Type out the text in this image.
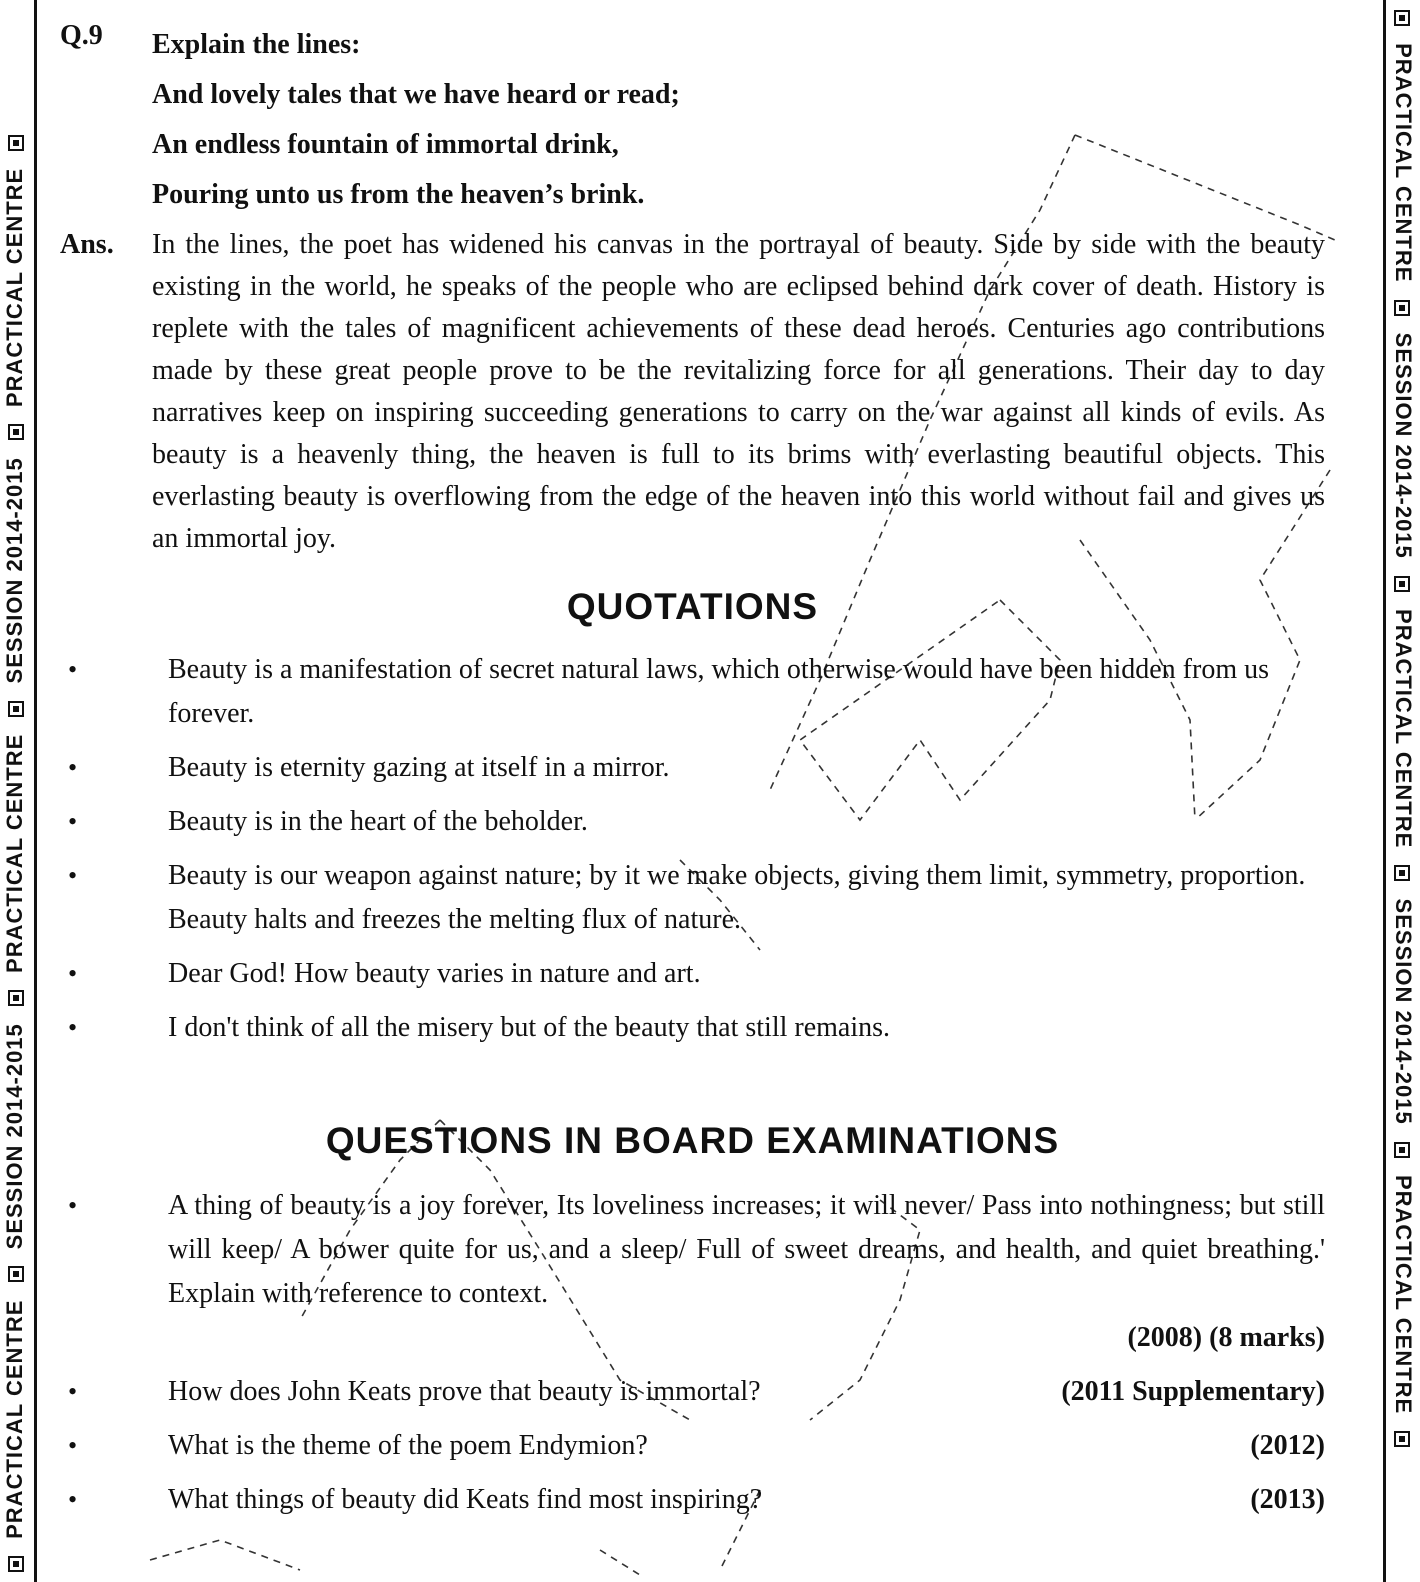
PRACTICAL CENTRE  SESSION 2014-2015  PRACTICAL CENTRE  SESSION 2014-2015  PRACTICAL CENTRE
PRACTICAL CENTRE  SESSION 2014-2015  PRACTICAL CENTRE  SESSION 2014-2015  PRACTICAL CENTRE
Q.9	Explain the lines:
And lovely tales that we have heard or read;
An endless fountain of immortal drink,
Pouring unto us from the heaven’s brink.
Ans.	In the lines, the poet has widened his canvas in the portrayal of beauty. Side by side with the beauty existing in the world, he speaks of the people who are eclipsed behind dark cover of death. History is replete with the tales of magnificent achievements of these dead heroes. Centuries ago contributions made by these great people prove to be the revitalizing force for all generations. Their day to day narratives keep on inspiring succeeding generations to carry on the war against all kinds of evils. As beauty is a heavenly thing, the heaven is full to its brims with everlasting beautiful objects. This everlasting beauty is overflowing from the edge of the heaven into this world without fail and gives us an immortal joy.
QUOTATIONS
•	Beauty is a manifestation of secret natural laws, which otherwise would have been hidden from us forever.
•	Beauty is eternity gazing at itself in a mirror.
•	Beauty is in the heart of the beholder.
•	Beauty is our weapon against nature; by it we make objects, giving them limit, symmetry, proportion. Beauty halts and freezes the melting flux of nature.
•	Dear God! How beauty varies in nature and art.
•	I don't think of all the misery but of the beauty that still remains.
QUESTIONS IN BOARD EXAMINATIONS
•	A thing of beauty is a joy forever, Its loveliness increases; it will never/ Pass into nothingness; but still will keep/ A bower quite for us, and a sleep/ Full of sweet dreams, and health, and quiet breathing.' Explain with reference to context.
(2008) (8 marks)
•	How does John Keats prove that beauty is immortal?	(2011 Supplementary)
•	What is the theme of the poem Endymion?	(2012)
•	What things of beauty did Keats find most inspiring?	(2013)
